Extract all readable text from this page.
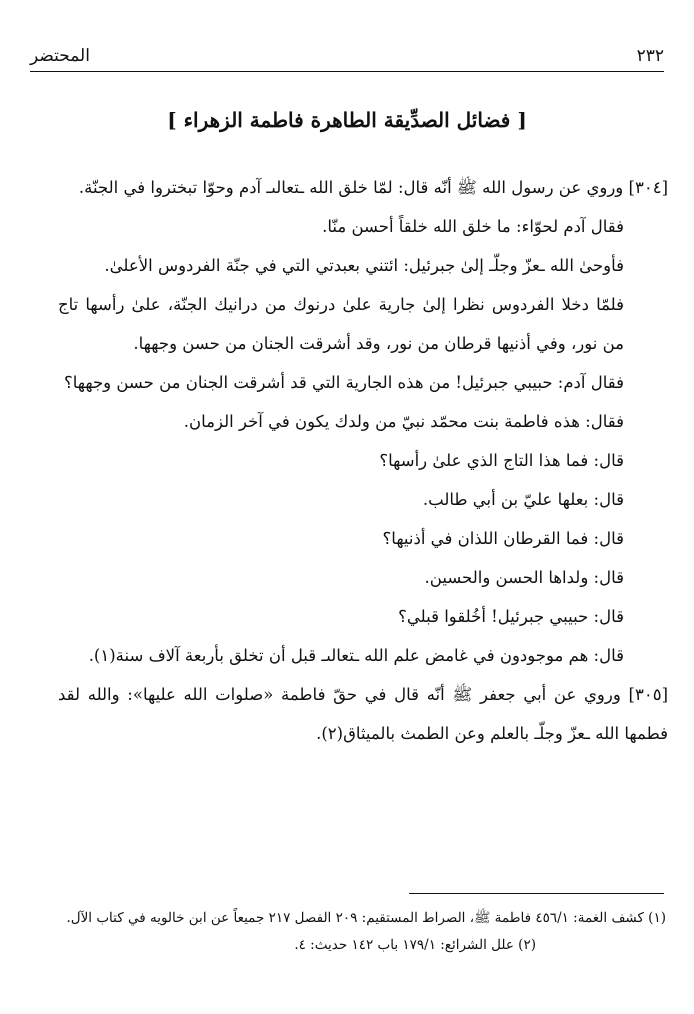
٢٣٢
المحتضر
[ فضائل الصدِّيقة الطاهرة فاطمة الزهراء ]

[٣٠٤] وروي عن رسول الله ﷺ أنّه قال: لمّا خلق الله ـتعالىـ آدم وحوّا تبختروا في الجنّة.

فقال آدم لحوّاء: ما خلق الله خلقاً أحسن منّا.

فأوحىٰ الله ـعزّ وجلّـ إلىٰ جبرئيل: ائتني بعبدتي التي في جنّة الفردوس الأعلىٰ.

فلمّا دخلا الفردوس نظرا إلىٰ جارية علىٰ درنوك من درانيك الجنّة، علىٰ رأسها تاج من نور، وفي أذنيها قرطان من نور، وقد أشرقت الجنان من حسن وجهها.

فقال آدم: حبيبي جبرئيل! من هذه الجارية التي قد أشرقت الجنان من حسن وجهها؟

فقال: هذه فاطمة بنت محمّد نبيّ من ولدك يكون في آخر الزمان.

قال: فما هذا التاج الذي علىٰ رأسها؟

قال: بعلها عليّ بن أبي طالب.

قال: فما القرطان اللذان في أذنيها؟

قال: ولداها الحسن والحسين.

قال: حبيبي جبرئيل! أخُلقوا قبلي؟

قال: هم موجودون في غامض علم الله ـتعالىـ قبل أن تخلق بأربعة آلاف سنة(١).

[٣٠٥] وروي عن أبي جعفر ﷺ أنّه قال في حقّ فاطمة «صلوات الله عليها»: والله لقد فطمها الله ـعزّ وجلّـ بالعلم وعن الطمث بالميثاق(٢).

(١) كشف الغمة: ٤٥٦/١ فاطمة ﷺ، الصراط المستقيم: ٢٠٩ الفصل ٢١٧ جميعاً عن ابن خالويه في كتاب الآل.

(٢) علل الشرائع: ١٧٩/١ باب ١٤٢ حديث: ٤.
